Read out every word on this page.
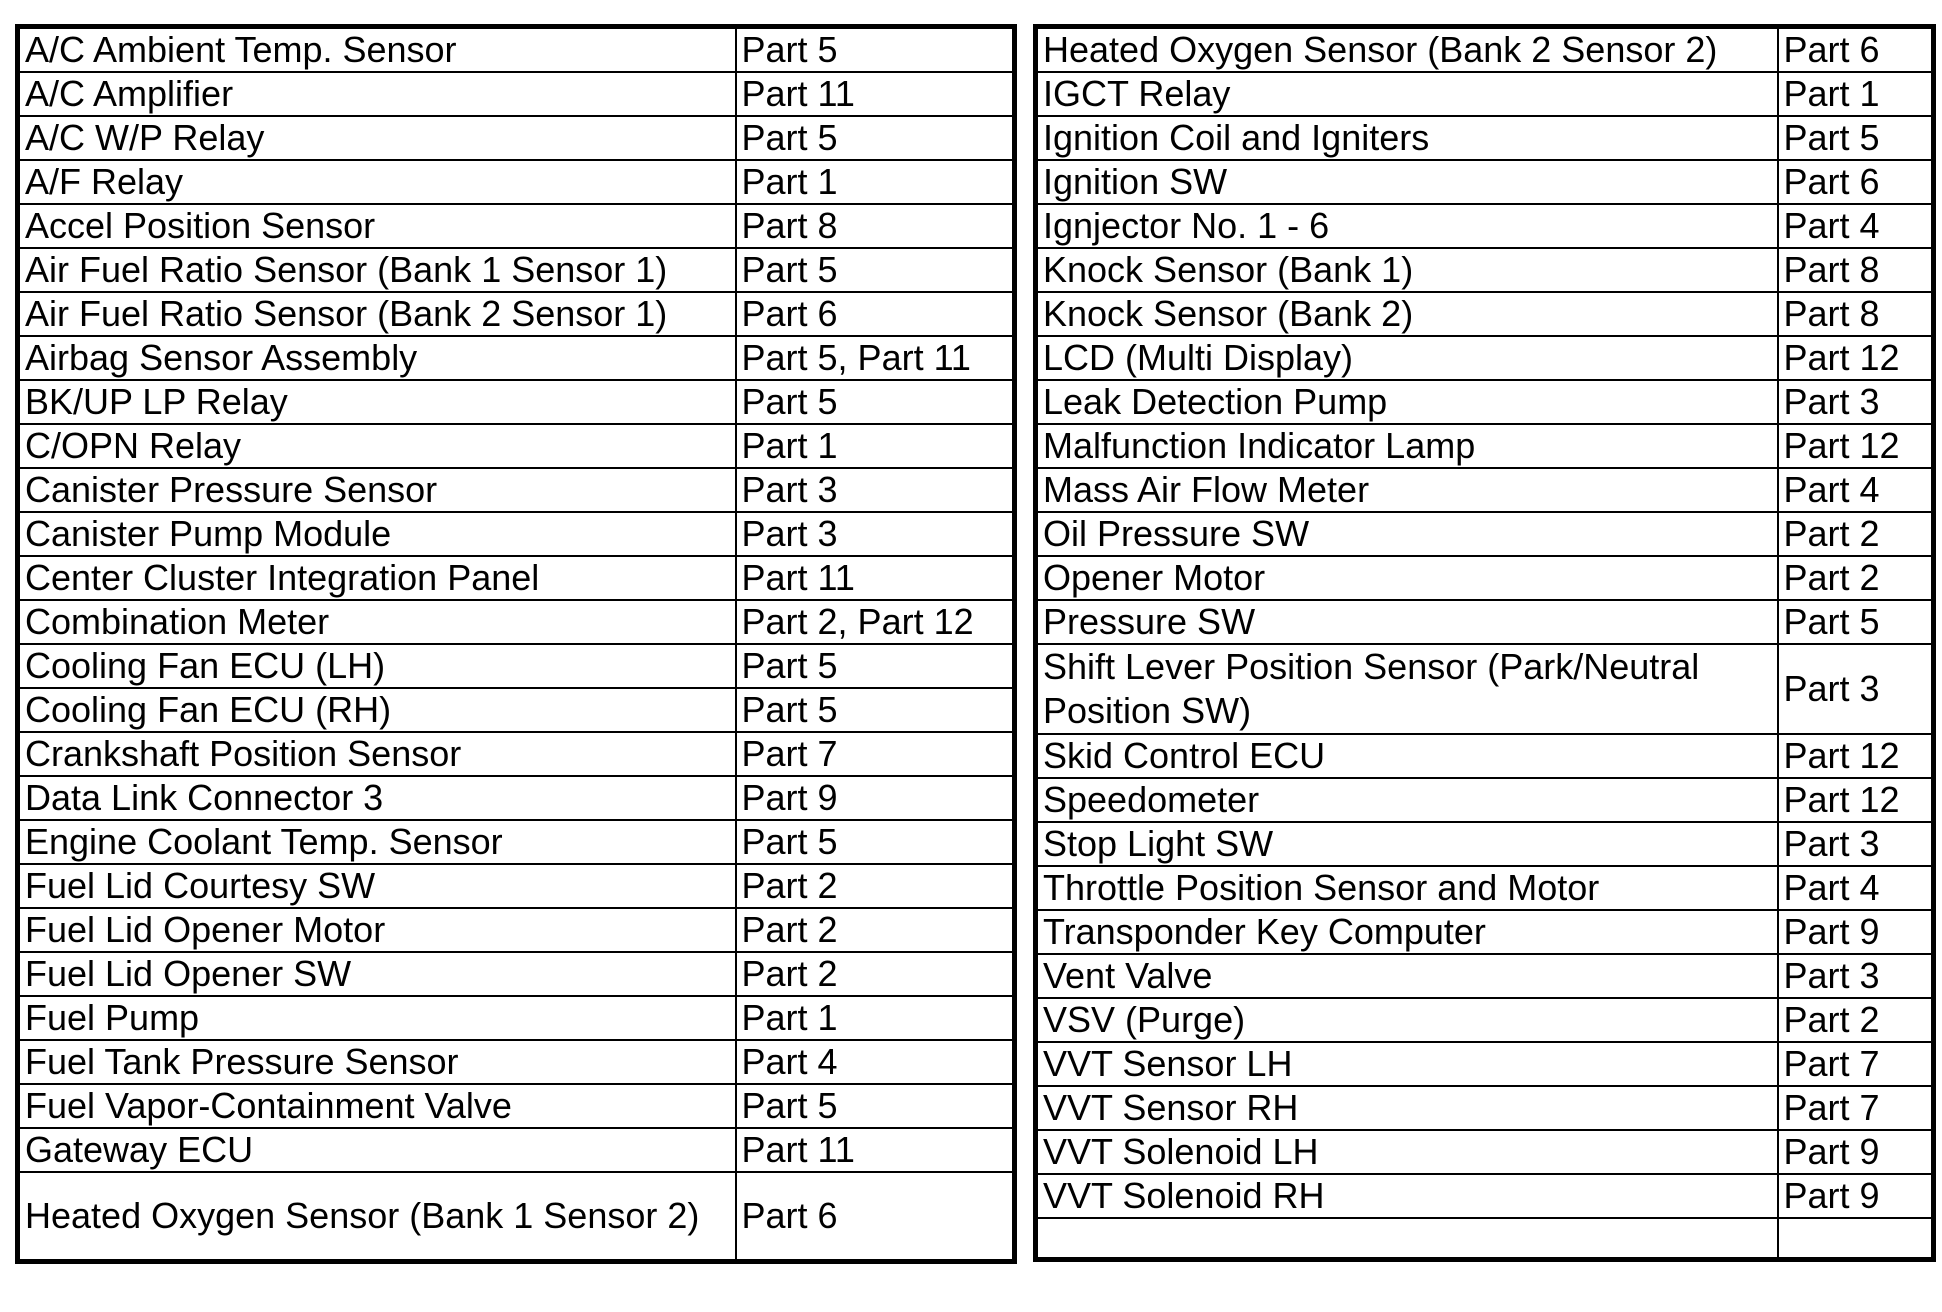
A/C Ambient Temp. Sensor	Part 5
A/C Amplifier	Part 11
A/C W/P Relay	Part 5
A/F Relay	Part 1
Accel Position Sensor	Part 8
Air Fuel Ratio Sensor (Bank 1 Sensor 1)	Part 5
Air Fuel Ratio Sensor (Bank 2 Sensor 1)	Part 6
Airbag Sensor Assembly	Part 5, Part 11
BK/UP LP Relay	Part 5
C/OPN Relay	Part 1
Canister Pressure Sensor	Part 3
Canister Pump Module	Part 3
Center Cluster Integration Panel	Part 11
Combination Meter	Part 2, Part 12
Cooling Fan ECU (LH)	Part 5
Cooling Fan ECU (RH)	Part 5
Crankshaft Position Sensor	Part 7
Data Link Connector 3	Part 9
Engine Coolant Temp. Sensor	Part 5
Fuel Lid Courtesy SW	Part 2
Fuel Lid Opener Motor	Part 2
Fuel Lid Opener SW	Part 2
Fuel Pump	Part 1
Fuel Tank Pressure Sensor	Part 4
Fuel Vapor-Containment Valve	Part 5
Gateway ECU	Part 11
Heated Oxygen Sensor (Bank 1 Sensor 2)	Part 6
Heated Oxygen Sensor (Bank 2 Sensor 2)	Part 6
IGCT Relay	Part 1
Ignition Coil and Igniters	Part 5
Ignition SW	Part 6
Ignjector No. 1 - 6	Part 4
Knock Sensor (Bank 1)	Part 8
Knock Sensor (Bank 2)	Part 8
LCD (Multi Display)	Part 12
Leak Detection Pump	Part 3
Malfunction Indicator Lamp	Part 12
Mass Air Flow Meter	Part 4
Oil Pressure SW	Part 2
Opener Motor	Part 2
Pressure SW	Part 5
Shift Lever Position Sensor (Park/Neutral Position SW)	Part 3
Skid Control ECU	Part 12
Speedometer	Part 12
Stop Light SW	Part 3
Throttle Position Sensor and Motor	Part 4
Transponder Key Computer	Part 9
Vent Valve	Part 3
VSV (Purge)	Part 2
VVT Sensor LH	Part 7
VVT Sensor RH	Part 7
VVT Solenoid LH	Part 9
VVT Solenoid RH	Part 9
